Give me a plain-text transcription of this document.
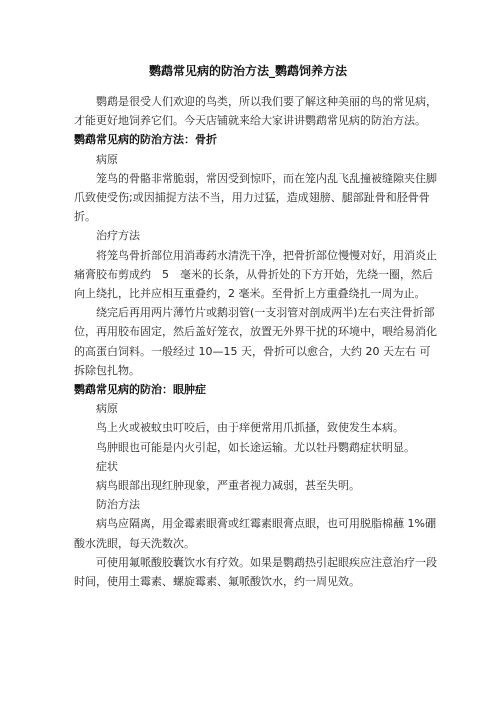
鹦鹉常见病的防治方法_鹦鹉饲养方法

鹦鹉是很受人们欢迎的鸟类，所以我们要了解这种美丽的鸟的常见病，才能更好地饲养它们。今天店铺就来给大家讲讲鹦鹉常见病的防治方法。

鹦鹉常见病的防治方法：骨折

病原

笼鸟的骨骼非常脆弱，常因受到惊吓，而在笼内乱飞乱撞被缝隙夹住脚爪致使受伤;或因捕捉方法不当，用力过猛，造成翅膀、腿部趾骨和胫骨骨折。

治疗方法

将笼鸟骨折部位用消毒药水清洗干净，把骨折部位慢慢对好，用消炎止痛膏胶布剪成约　5　毫米的长条，从骨折处的下方开始，先绕一圈，然后向上绕扎，比并应相互重叠约，2 毫米。至骨折上方重叠绕扎一周为止。

绕完后再用两片薄竹片或鹅羽管(一支羽管对剖成两半)左右夹注骨折部位，再用胶布固定，然后盖好笼衣，放置无外界干扰的环境中，喂给易消化的高蛋白饲料。一般经过 10—15 天，骨折可以愈合，大约 20 天左右 可拆除包扎物。

鹦鹉常见病的防治：眼肿症

病原

鸟上火或被蚊虫叮咬后，由于痒便常用爪抓搔，致使发生本病。

鸟肿眼也可能是内火引起，如长途运输。尤以牡丹鹦鹉症状明显。

症状

病鸟眼部出现红肿现象，严重者视力减弱，甚至失明。

防治方法

病鸟应隔离，用金霉素眼膏或红霉素眼膏点眼，也可用脱脂棉蘸 1%硼酸水洗眼，每天洗数次。

可使用氟哌酸胶囊饮水有疗效。如果是鹦鹉热引起眼疾应注意治疗一段时间，使用土霉素、螺旋霉素、氟哌酸饮水，约一周见效。
